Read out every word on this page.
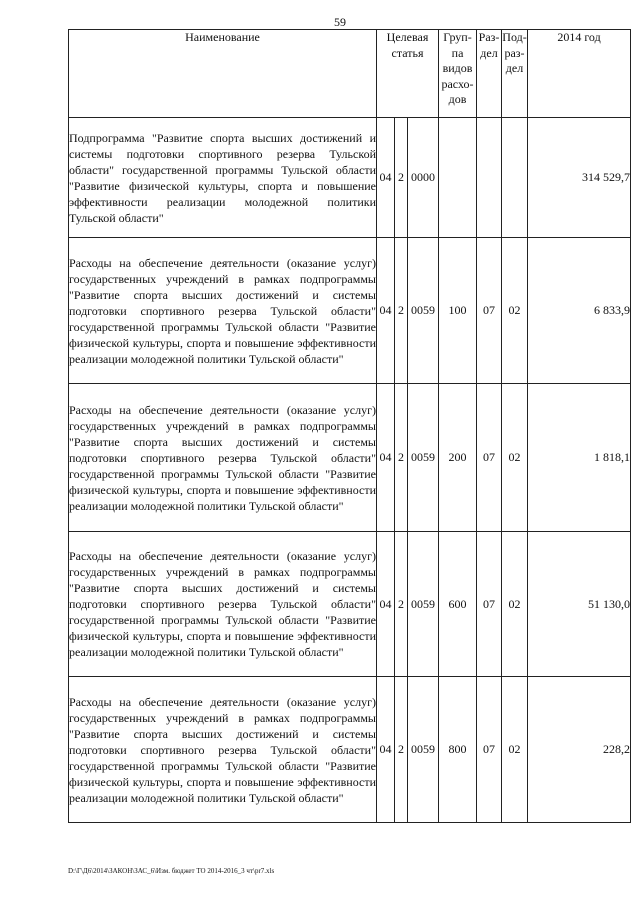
59
Наименование	Целевая статья			Груп-па видов расхо-дов	Раз-дел	Под-раз-дел	2014 год
Подпрограмма "Развитие спорта высших достижений и системы подготовки спортивного резерва Тульской области" государственной программы Тульской области "Развитие физической культуры, спорта и повышение эффективности реализации молодежной политики Тульской области"	04	2	0000				314 529,7
Расходы на обеспечение деятельности (оказание услуг) государственных учреждений в рамках подпрограммы "Развитие спорта высших достижений и системы подготовки спортивного резерва Тульской области" государственной программы Тульской области "Развитие физической культуры, спорта и повышение эффективности реализации молодежной политики Тульской области"	04	2	0059	100	07	02	6 833,9
Расходы на обеспечение деятельности (оказание услуг) государственных учреждений в рамках подпрограммы "Развитие спорта высших достижений и системы подготовки спортивного резерва Тульской области" государственной программы Тульской области "Развитие физической культуры, спорта и повышение эффективности реализации молодежной политики Тульской области"	04	2	0059	200	07	02	1 818,1
Расходы на обеспечение деятельности (оказание услуг) государственных учреждений в рамках подпрограммы "Развитие спорта высших достижений и системы подготовки спортивного резерва Тульской области" государственной программы Тульской области "Развитие физической культуры, спорта и повышение эффективности реализации молодежной политики Тульской области"	04	2	0059	600	07	02	51 130,0
Расходы на обеспечение деятельности (оказание услуг) государственных учреждений в рамках подпрограммы "Развитие спорта высших достижений и системы подготовки спортивного резерва Тульской области" государственной программы Тульской области "Развитие физической культуры, спорта и повышение эффективности реализации молодежной политики Тульской области"	04	2	0059	800	07	02	228,2
D:\Г\Д6\2014\ЗАКОН\ЗАС_6\Изм. бюджет ТО 2014-2016_3 чт\pr7.xls
